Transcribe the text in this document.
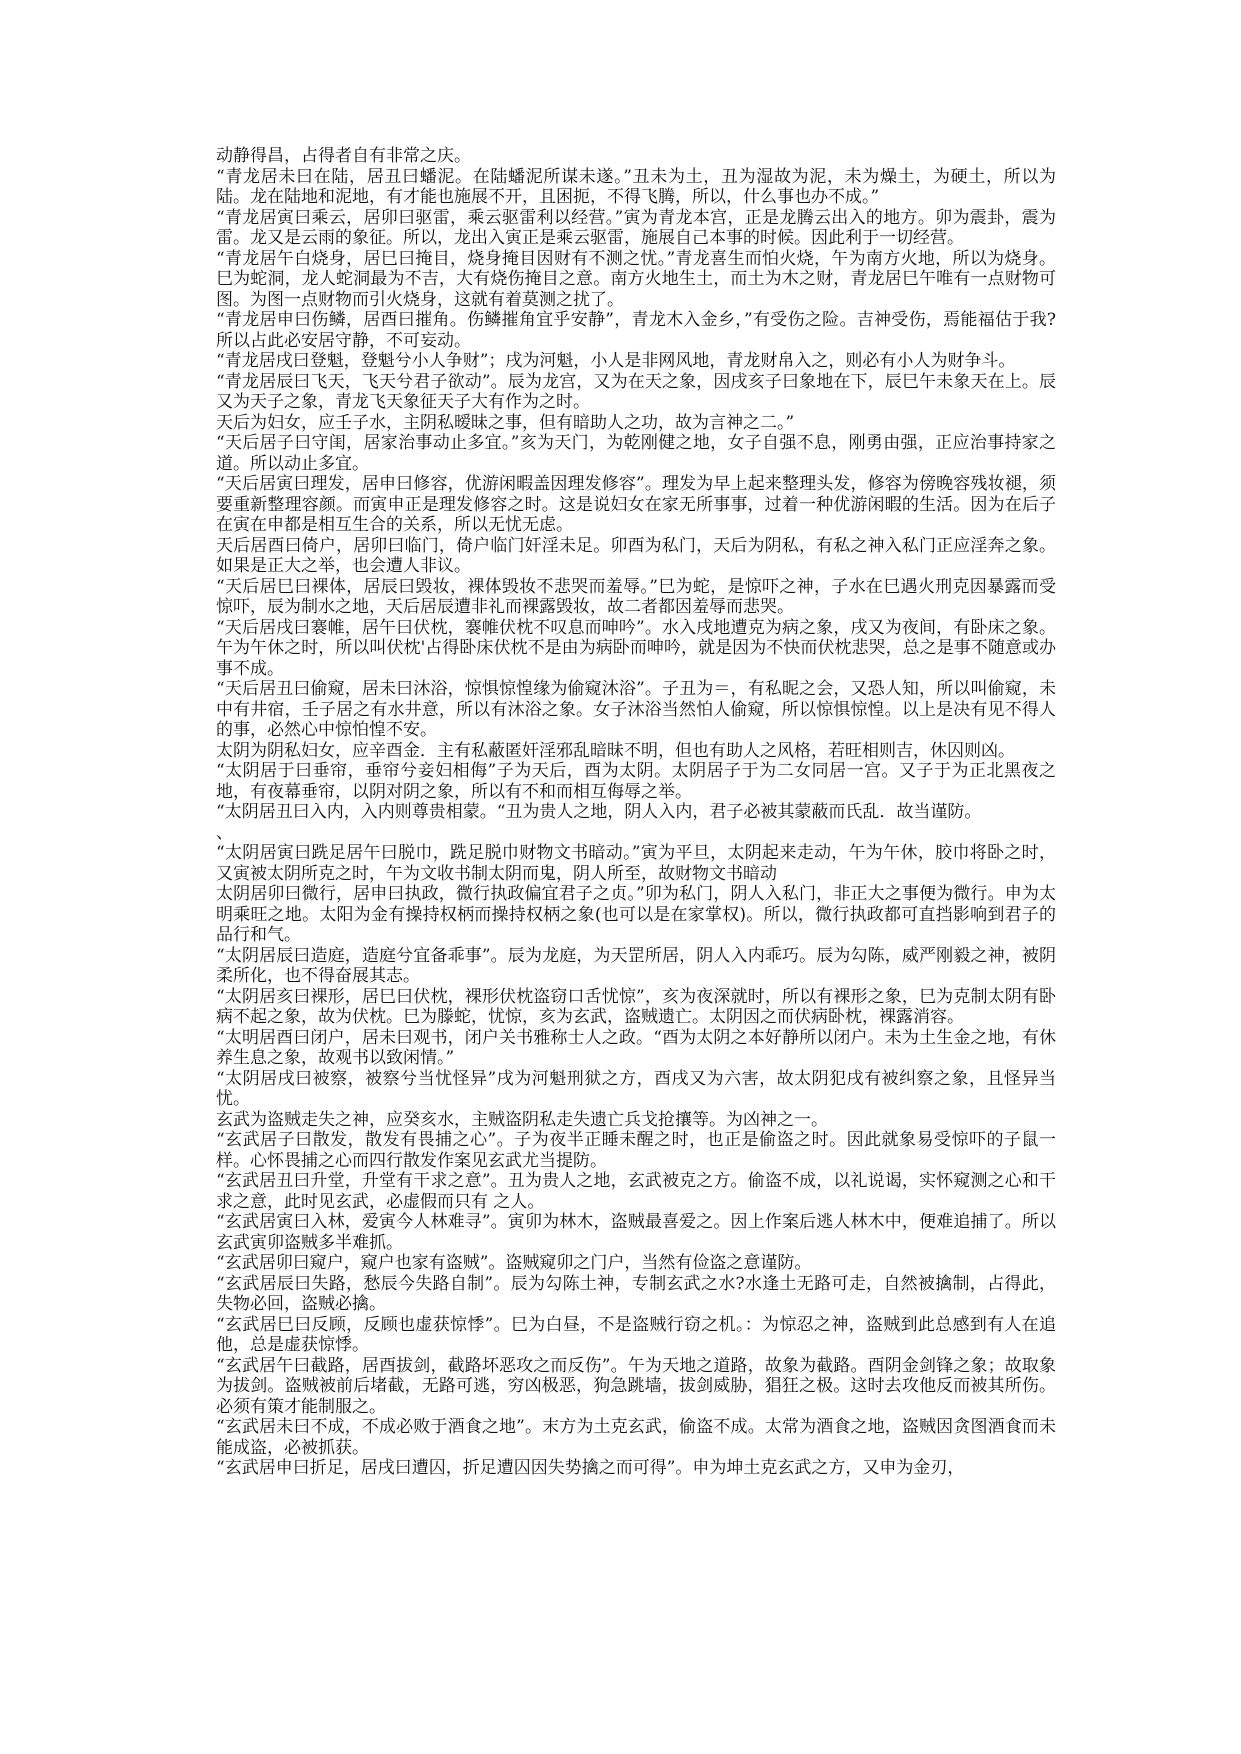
动静得昌，占得者自有非常之庆。

“青龙居未曰在陆，居丑曰蟠泥。在陆蟠泥所谋未遂。”丑未为土，丑为湿故为泥，未为燥土，为硬土，所以为陆。龙在陆地和泥地，有才能也施展不开，且困扼，不得飞腾，所以，什么事也办不成。”

“青龙居寅曰乘云，居卯曰驱雷，乘云驱雷利以经营。”寅为青龙本宫，正是龙腾云出入的地方。卯为震卦，震为雷。龙又是云雨的象征。所以，龙出入寅正是乘云驱雷，施展自己本事的时候。因此利于一切经营。

“青龙居午白烧身，居巳曰掩目，烧身掩目因财有不测之忧。”青龙喜生而怕火烧，午为南方火地，所以为烧身。巳为蛇洞，龙人蛇洞最为不吉，大有烧伤掩目之意。南方火地生土，而土为木之财，青龙居巳午唯有一点财物可图。为图一点财物而引火烧身，这就有着莫测之扰了。

“青龙居申曰伤鳞，居酉曰摧角。伤鳞摧角宜乎安静”，青龙木入金乡，”有受伤之险。吉神受伤，焉能福估于我?所以占此必安居守静，不可妄动。

“青龙居戌曰登魁，登魁兮小人争财”；戌为河魁，小人是非网风地，青龙财帛入之，则必有小人为财争斗。

“青龙居辰曰飞天，飞天兮君子欲动”。辰为龙宫，又为在天之象，因戌亥子曰象地在下，辰巳午未象天在上。辰又为天子之象，青龙飞天象征天子大有作为之时。

天后为妇女，应壬子水，主阴私暧昧之事，但有暗助人之功，故为言神之二。”

“天后居子曰守闺，居家治事动止多宜。”亥为天门，为乾刚健之地，女子自强不息，刚勇由强，正应治事持家之道。所以动止多宜。

“天后居寅曰理发，居申曰修容，优游闲暇盖因理发修容”。理发为早上起来整理头发，修容为傍晚容残妆褪，须要重新整理容颜。而寅申正是理发修容之时。这是说妇女在家无所事事，过着一种优游闲暇的生活。因为在后子在寅在申都是相互生合的关系，所以无忧无虑。

天后居酉曰倚户，居卯曰临门，倚户临门奸淫未足。卯酉为私门，天后为阴私，有私之神入私门正应淫奔之象。如果是正大之举，也会遭人非议。

“天后居巳曰裸体，居辰曰毁妆，裸体毁妆不悲哭而羞辱。”巳为蛇，是惊吓之神，子水在巳遇火刑克因暴露而受惊吓，辰为制水之地，天后居辰遭非礼而裸露毁妆，故二者都因羞辱而悲哭。

“天后居戌曰褰帷，居午曰伏枕，褰帷伏枕不叹息而呻吟”。水入戌地遭克为病之象，戌又为夜间，有卧床之象。午为午休之时，所以叫伏枕'占得卧床伏枕不是由为病卧而呻吟，就是因为不快而伏枕悲哭，总之是事不随意或办事不成。

“天后居丑曰偷窥，居未曰沐浴，惊惧惊惶缘为偷窥沐浴”。子丑为＝，有私昵之会，又恐人知，所以叫偷窥，未中有井宿，壬子居之有水井意，所以有沐浴之象。女子沐浴当然怕人偷窥，所以惊惧惊惶。以上是决有见不得人的事，必然心中惊怕惶不安。

太阴为阴私妇女，应辛酉金．主有私蔽匿奸淫邪乱暗昧不明，但也有助人之风格，若旺相则吉，休囚则凶。

“太阴居于曰垂帘，垂帘兮妾妇相侮”子为天后，酉为太阴。太阴居子于为二女同居一宫。又子于为正北黑夜之地，有夜幕垂帘，以阴对阴之象，所以有不和而相互侮辱之举。

“太阴居丑曰入内，入内则尊贵相蒙。“丑为贵人之地，阴人入内，君子必被其蒙蔽而氏乱．故当谨防。

、

“太阴居寅曰跣足居午曰脱巾，跣足脱巾财物文书暗动。”寅为平旦，太阴起来走动，午为午休，胶巾将卧之时，又寅被太阴所克之时，午为文收书制太阴而鬼，阴人所至，故财物文书暗动

太阴居卯曰微行，居申曰执政，微行执政偏宜君子之贞。”卯为私门，阴人入私门，非正大之事便为微行。申为太明乘旺之地。太阳为金有操持权柄而操持权柄之象(也可以是在家掌权)。所以，微行执政都可直挡影响到君子的品行和气。

“太阴居辰曰造庭，造庭兮宜备乖事”。辰为龙庭，为天罡所居，阴人入内乖巧。辰为勾陈，威严刚毅之神，被阴柔所化，也不得奋展其志。

“太阴居亥曰裸形，居巳曰伏枕，裸形伏枕盗窃口舌忧惊”，亥为夜深就时，所以有裸形之象，巳为克制太阴有卧病不起之象，故为伏枕。巳为滕蛇，忧惊，亥为玄武，盗贼遗亡。太阴因之而伏病卧枕，裸露消容。

“太明居酉曰闭户，居未曰观书，闭户关书雅称士人之政。“酉为太阴之本好静所以闭户。未为土生金之地，有休养生息之象，故观书以致闲情。”

“太阴居戌曰被察，被察兮当忧怪异”戌为河魁刑狱之方，酉戌又为六害，故太阴犯戌有被纠察之象，且怪异当忧。

玄武为盗贼走失之神，应癸亥水，主贼盗阴私走失遗亡兵戈抢攘等。为凶神之一。

“玄武居子曰散发，散发有畏捕之心”。子为夜半正睡未醒之时，也正是偷盗之时。因此就象易受惊吓的子鼠一样。心怀畏捕之心而四行散发作案见玄武尤当提防。

“玄武居丑曰升堂，升堂有干求之意”。丑为贵人之地，玄武被克之方。偷盗不成，以礼说谒，实怀窥测之心和干求之意，此时见玄武，必虚假而只有 之人。

“玄武居寅曰入林，爱寅今人林难寻”。寅卯为林木，盗贼最喜爱之。因上作案后逃人林木中，便难追捕了。所以玄武寅卯盗贼多半难抓。

“玄武居卯曰窥户，窥户也家有盗贼”。盗贼窥卯之门户，当然有俭盗之意谨防。

“玄武居辰曰失路，愁辰今失路自制”。辰为勾陈土神，专制玄武之水?水逢土无路可走，自然被擒制，占得此，失物必回，盗贼必擒。

“玄武居巳曰反顾，反顾也虚获惊悸”。巳为白昼，不是盗贼行窃之机。：为惊忍之神，盗贼到此总感到有人在追他，总是虚获惊悸。

“玄武居午曰截路，居酉拔剑，截路坏恶攻之而反伤”。午为天地之道路，故象为截路。酉阴金剑锋之象；故取象为拔剑。盗贼被前后堵截，无路可逃，穷凶极恶，狗急跳墙，拔剑威胁，猖狂之极。这时去攻他反而被其所伤。必须有策才能制服之。

“玄武居未曰不成，不成必败于酒食之地”。末方为土克玄武，偷盗不成。太常为酒食之地，盗贼因贪图酒食而未能成盗，必被抓获。

“玄武居申曰折足，居戌曰遭囚，折足遭囚因失势擒之而可得”。申为坤土克玄武之方，又申为金刃，
